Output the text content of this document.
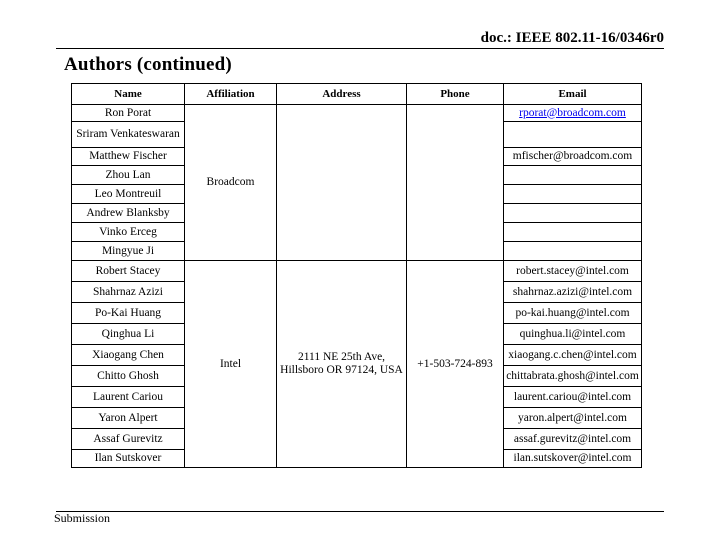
doc.: IEEE 802.11-16/0346r0
Authors (continued)
Name	Affiliation	Address	Phone	Email
Ron Porat	Broadcom			rporat@broadcom.com
Sriram Venkateswaran				
Matthew Fischer				mfischer@broadcom.com
Zhou Lan				
Leo Montreuil				
Andrew Blanksby				
Vinko Erceg				
Mingyue Ji				
Robert Stacey	Intel	2111 NE 25th Ave, Hillsboro OR 97124, USA	+1-503-724-893	robert.stacey@intel.com
Shahrnaz Azizi				shahrnaz.azizi@intel.com
Po-Kai Huang				po-kai.huang@intel.com
Qinghua Li				quinghua.li@intel.com
Xiaogang Chen				xiaogang.c.chen@intel.com
Chitto Ghosh				chittabrata.ghosh@intel.com
Laurent Cariou				laurent.cariou@intel.com
Yaron Alpert				yaron.alpert@intel.com
Assaf Gurevitz				assaf.gurevitz@intel.com
Ilan Sutskover				ilan.sutskover@intel.com
Submission
